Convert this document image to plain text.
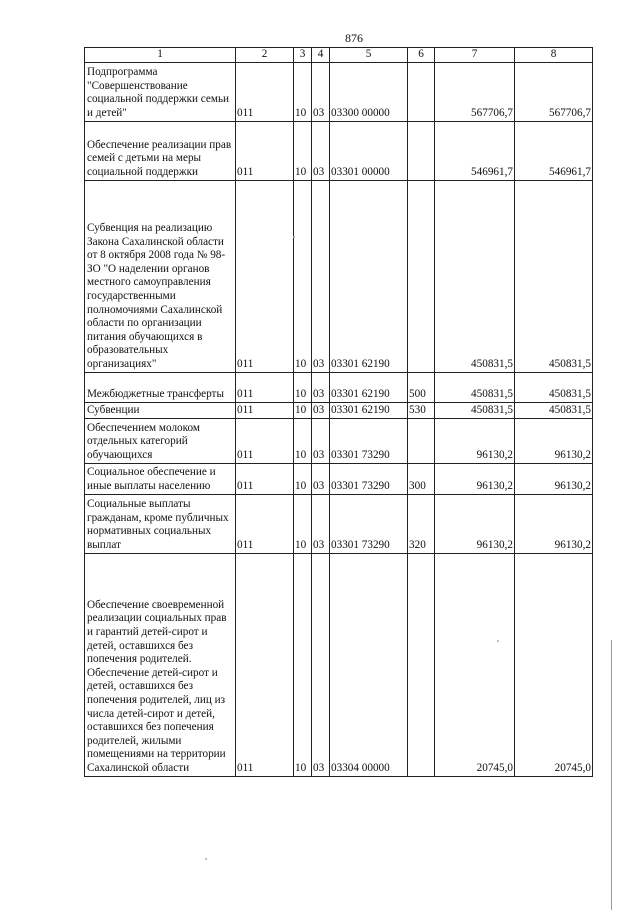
876
1	2	3	4	5	6	7	8
Подпрограмма "Совершенствование социальной поддержки семьи и детей"	011	10	03	03300 00000		567706,7	567706,7
Обеспечение реализации прав семей с детьми на меры социальной поддержки	011	10	03	03301 00000		546961,7	546961,7
Субвенция на реализацию Закона Сахалинской области от 8 октября 2008 года № 98-ЗО "О наделении органов местного самоуправления государственными полномочиями Сахалинской области по организации питания обучающихся в образовательных организациях"	011	10	03	03301 62190		450831,5	450831,5
Межбюджетные трансферты	011	10	03	03301 62190	500	450831,5	450831,5
Субвенции	011	10	03	03301 62190	530	450831,5	450831,5
Обеспечением молоком отдельных категорий обучающихся	011	10	03	03301 73290		96130,2	96130,2
Социальное обеспечение и иные выплаты населению	011	10	03	03301 73290	300	96130,2	96130,2
Социальные выплаты гражданам, кроме публичных нормативных социальных выплат	011	10	03	03301 73290	320	96130,2	96130,2
Обеспечение своевременной реализации социальных прав и гарантий детей-сирот и детей, оставшихся без попечения родителей. Обеспечение детей-сирот и детей, оставшихся без попечения родителей, лиц из числа детей-сирот и детей, оставшихся без попечения родителей, жилыми помещениями на территории Сахалинской области	011	10	03	03304 00000		20745,0	20745,0
